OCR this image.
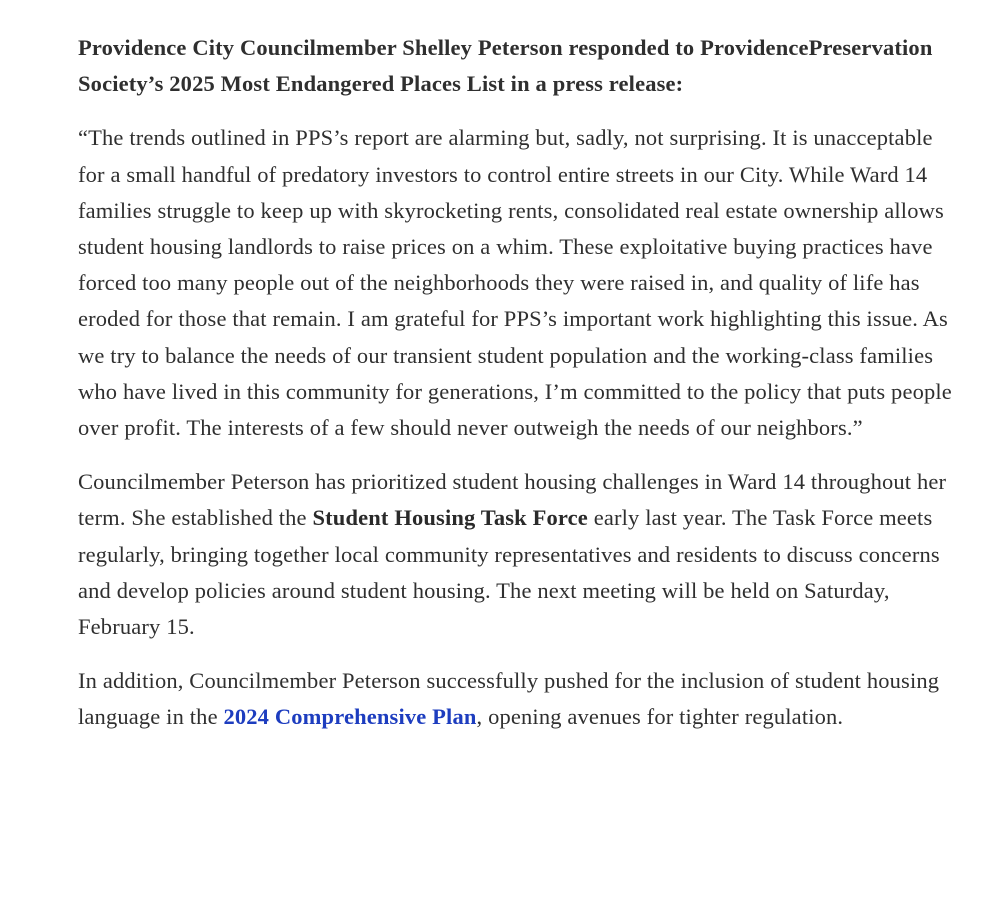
Providence City Councilmember Shelley Peterson responded to ProvidencePreservation Society’s 2025 Most Endangered Places List in a press release:

“The trends outlined in PPS’s report are alarming but, sadly, not surprising. It is unacceptable for a small handful of predatory investors to control entire streets in our City. While Ward 14 families struggle to keep up with skyrocketing rents, consolidated real estate ownership allows student housing landlords to raise prices on a whim. These exploitative buying practices have forced too many people out of the neighborhoods they were raised in, and quality of life has eroded for those that remain. I am grateful for PPS’s important work highlighting this issue. As we try to balance the needs of our transient student population and the working-class families who have lived in this community for generations, I’m committed to the policy that puts people over profit. The interests of a few should never outweigh the needs of our neighbors.”

Councilmember Peterson has prioritized student housing challenges in Ward 14 throughout her term. She established the Student Housing Task Force early last year. The Task Force meets regularly, bringing together local community representatives and residents to discuss concerns and develop policies around student housing. The next meeting will be held on Saturday, February 15.

In addition, Councilmember Peterson successfully pushed for the inclusion of student housing language in the 2024 Comprehensive Plan, opening avenues for tighter regulation.
